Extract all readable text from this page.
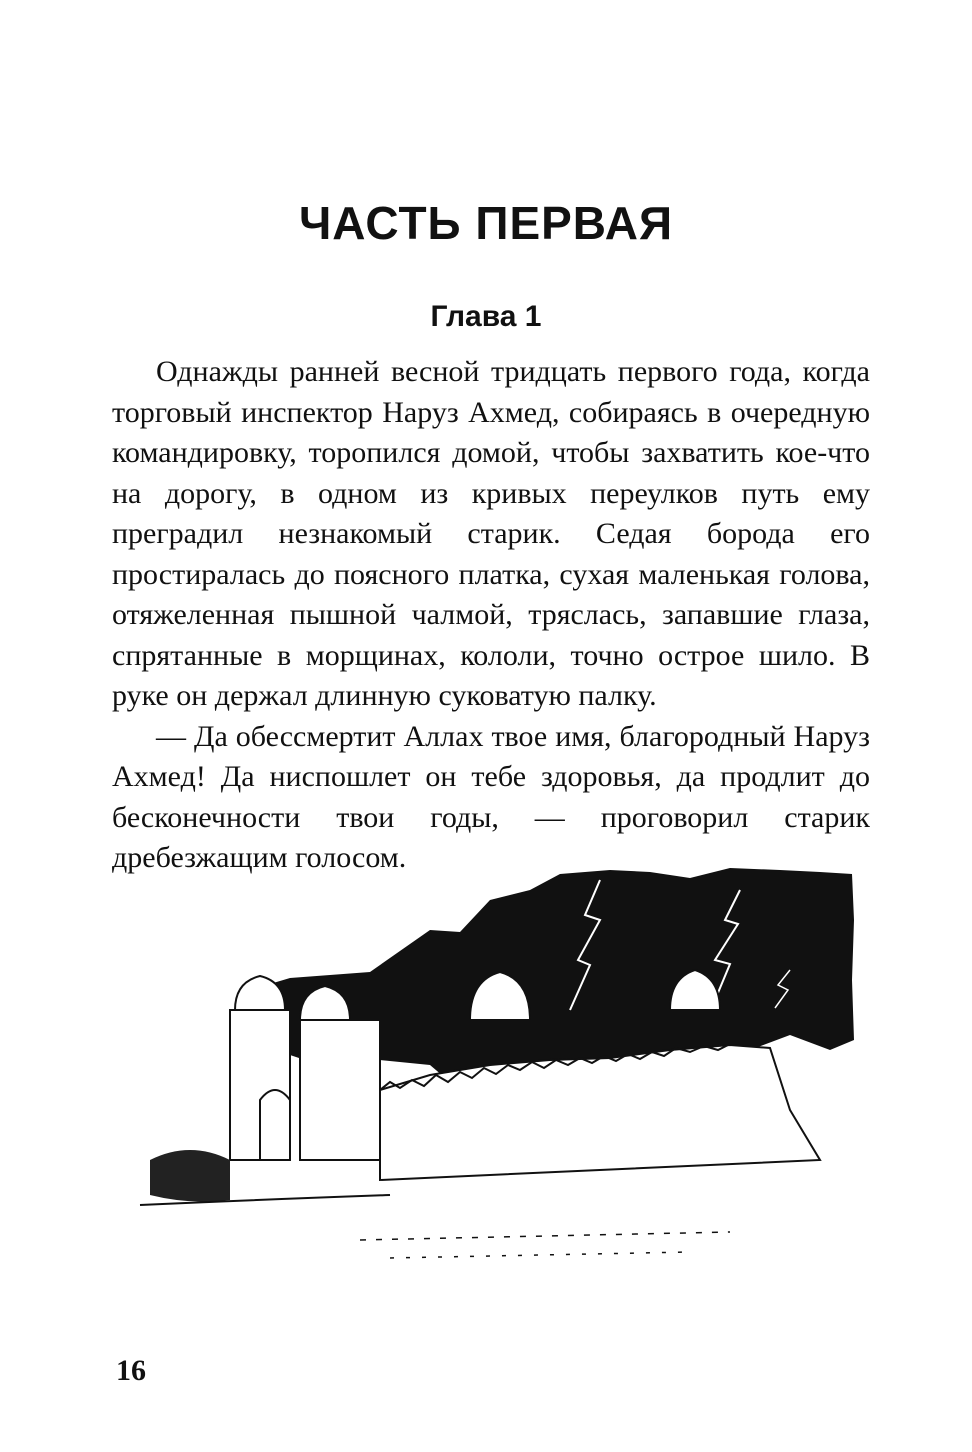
ЧАСТЬ ПЕРВАЯ
Глава 1

Однажды ранней весной тридцать первого года, когда торговый инспектор Наруз Ахмед, собираясь в очередную командировку, торопился домой, чтобы захватить кое-что на дорогу, в одном из кривых переулков путь ему преградил незнакомый старик. Седая борода его простиралась до поясного платка, сухая маленькая голова, отяжеленная пышной чалмой, тряслась, запавшие глаза, спрятанные в морщинах, кололи, точно острое шило. В руке он держал длинную суковатую палку.

— Да обессмертит Аллах твое имя, благородный Наруз Ахмед! Да ниспошлет он тебе здоровья, да продлит до бесконечности твои годы, — проговорил старик дребезжащим голосом.

16
